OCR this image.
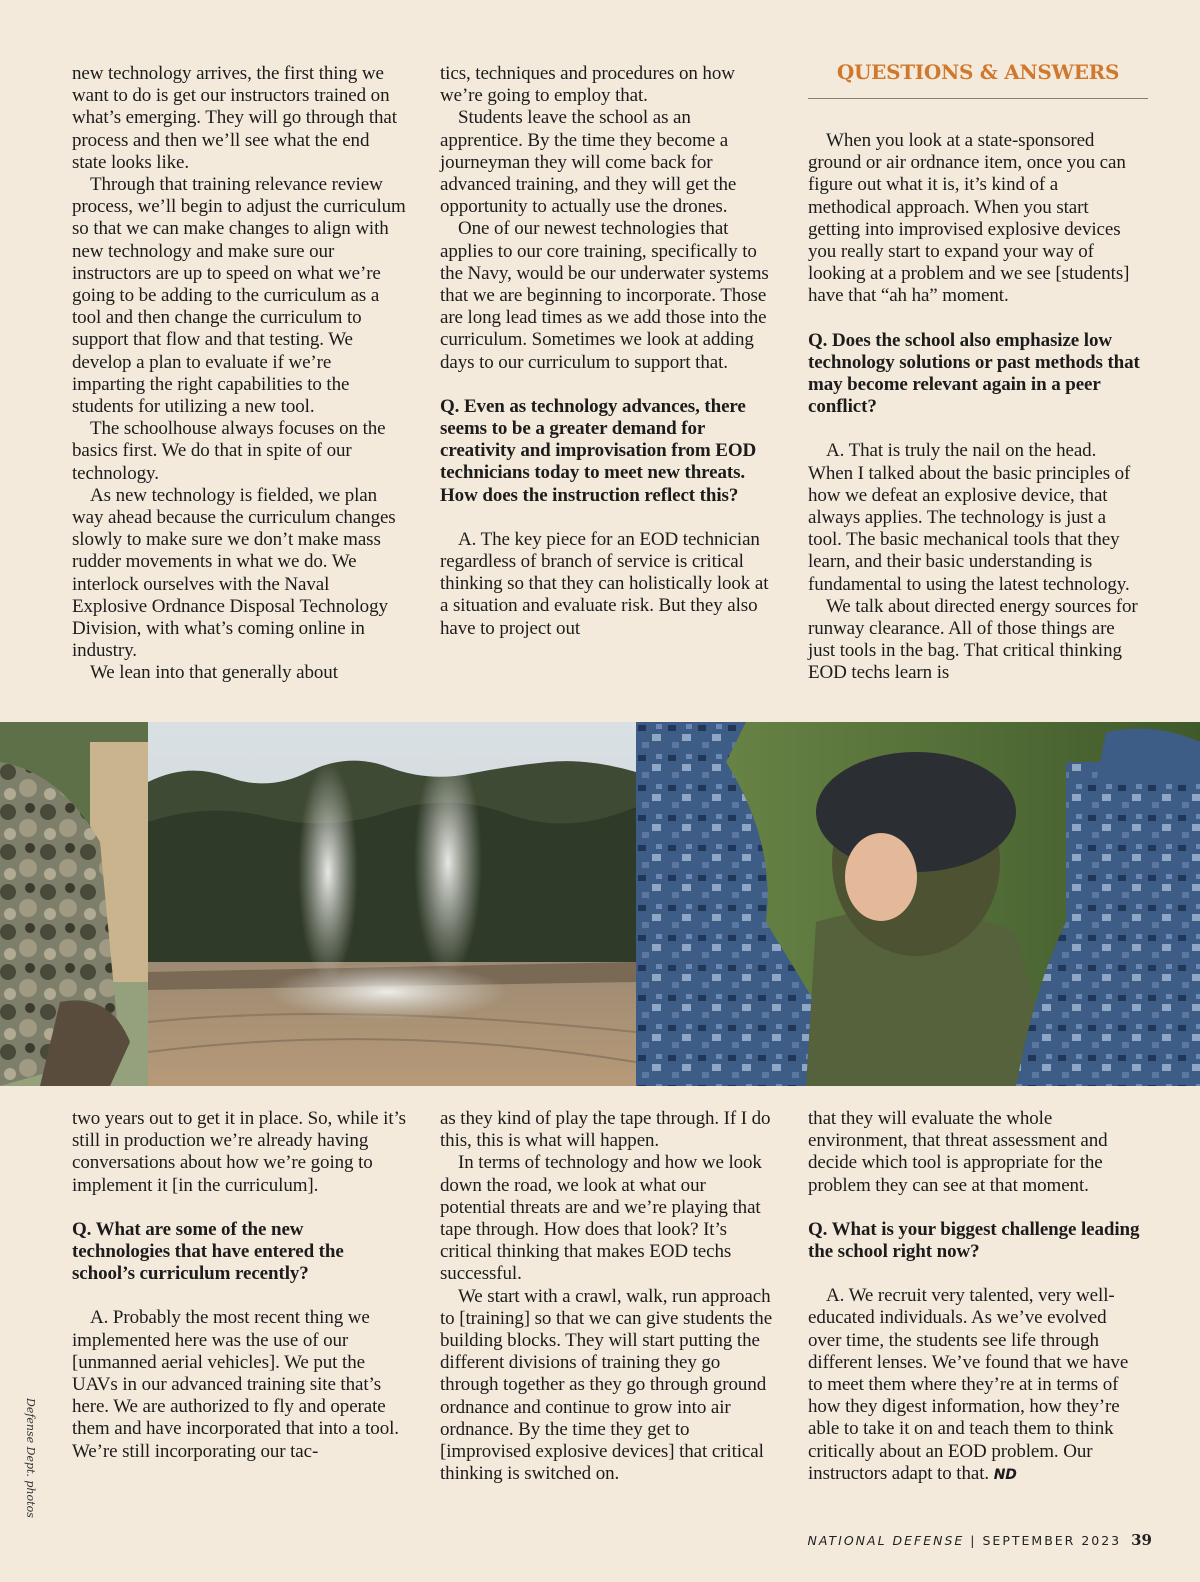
QUESTIONS & ANSWERS

new technology arrives, the first thing we want to do is get our instructors trained on what’s emerging. They will go through that process and then we’ll see what the end state looks like.

Through that training relevance review process, we’ll begin to adjust the curriculum so that we can make changes to align with new technology and make sure our instructors are up to speed on what we’re going to be adding to the curriculum as a tool and then change the curriculum to support that flow and that testing. We develop a plan to evaluate if we’re imparting the right capabilities to the students for utilizing a new tool.

The schoolhouse always focuses on the basics first. We do that in spite of our technology.

As new technology is fielded, we plan way ahead because the curriculum changes slowly to make sure we don’t make mass rudder movements in what we do. We interlock ourselves with the Naval Explosive Ordnance Disposal Technology Division, with what’s coming online in industry.

We lean into that generally about

tics, techniques and procedures on how we’re going to employ that.

Students leave the school as an apprentice. By the time they become a journeyman they will come back for advanced training, and they will get the opportunity to actually use the drones.

One of our newest technologies that applies to our core training, specifically to the Navy, would be our underwater systems that we are beginning to incorporate. Those are long lead times as we add those into the curriculum. Sometimes we look at adding days to our curriculum to support that.

Q. Even as technology advances, there seems to be a greater demand for creativity and improvisation from EOD technicians today to meet new threats. How does the instruction reflect this?

A. The key piece for an EOD technician regardless of branch of service is critical thinking so that they can holistically look at a situation and evaluate risk. But they also have to project out

When you look at a state-sponsored ground or air ordnance item, once you can figure out what it is, it’s kind of a methodical approach. When you start getting into improvised explosive devices you really start to expand your way of looking at a problem and we see [students] have that “ah ha” moment.

Q. Does the school also emphasize low technology solutions or past methods that may become relevant again in a peer conflict?

A. That is truly the nail on the head. When I talked about the basic principles of how we defeat an explosive device, that always applies. The technology is just a tool. The basic mechanical tools that they learn, and their basic understanding is fundamental to using the latest technology.

We talk about directed energy sources for runway clearance. All of those things are just tools in the bag. That critical thinking EOD techs learn is

two years out to get it in place. So, while it’s still in production we’re already having conversations about how we’re going to implement it [in the curriculum].

Q. What are some of the new technologies that have entered the school’s curriculum recently?

A. Probably the most recent thing we implemented here was the use of our [unmanned aerial vehicles]. We put the UAVs in our advanced training site that’s here. We are authorized to fly and operate them and have incorporated that into a tool. We’re still incorporating our tac-

as they kind of play the tape through. If I do this, this is what will happen.

In terms of technology and how we look down the road, we look at what our potential threats are and we’re playing that tape through. How does that look? It’s critical thinking that makes EOD techs successful.

We start with a crawl, walk, run approach to [training] so that we can give students the building blocks. They will start putting the different divisions of training they go through together as they go through ground ordnance and continue to grow into air ordnance. By the time they get to [improvised explosive devices] that critical thinking is switched on.

that they will evaluate the whole environment, that threat assessment and decide which tool is appropriate for the problem they can see at that moment.

Q. What is your biggest challenge leading the school right now?

A. We recruit very talented, very well-educated individuals. As we’ve evolved over time, the students see life through different lenses. We’ve found that we have to meet them where they’re at in terms of how they digest information, how they’re able to take it on and teach them to think critically about an EOD problem. Our instructors adapt to that. ND

Defense Dept. photos
NATIONAL DEFENSE | SEPTEMBER 2023 39
